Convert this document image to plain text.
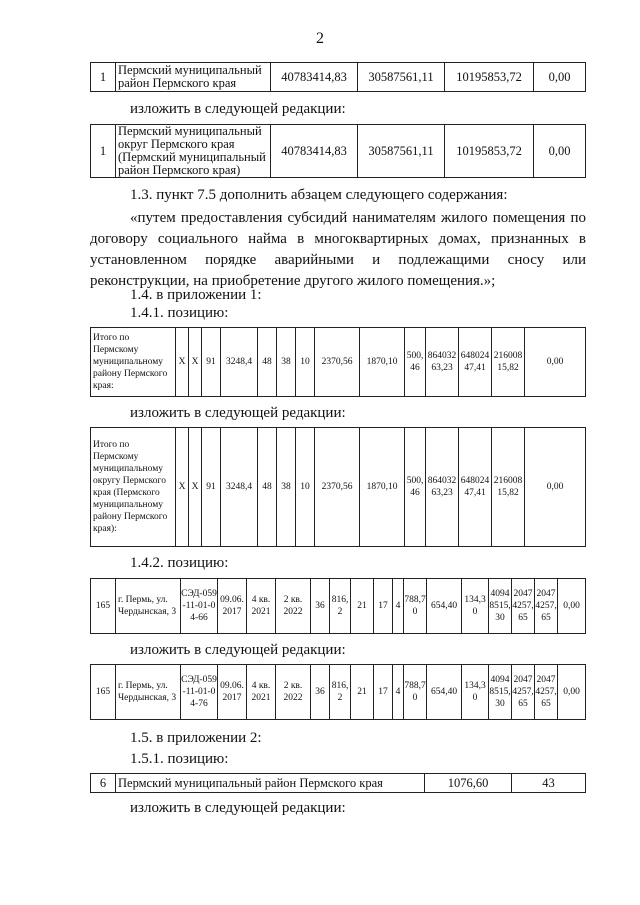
2
1	Пермский муниципальный район Пермского края	40783414,83	30587561,11	10195853,72	0,00
изложить в следующей редакции:
1	Пермский муниципальный округ Пермского края (Пермский муниципальный район Пермского края)	40783414,83	30587561,11	10195853,72	0,00
1.3. пункт 7.5 дополнить абзацем следующего содержания:
«путем предоставления субсидий нанимателям жилого помещения по договору социального найма в многоквартирных домах, признанных в установленном порядке аварийными и подлежащими сносу или реконструкции, на приобретение другого жилого помещения.»;
1.4. в приложении 1:
1.4.1. позицию:
Итого по Пермскому муниципальному району Пермского края:	X	X	91	3248,4	48	38	10	2370,56	1870,10	500,46	86403263,23	64802447,41	21600815,82	0,00
изложить в следующей редакции:
Итого по Пермскому муниципальному округу Пермского края (Пермского муниципальному району Пермского края):	X	X	91	3248,4	48	38	10	2370,56	1870,10	500,46	86403263,23	64802447,41	21600815,82	0,00
1.4.2. позицию:
165	г. Пермь, ул. Чердынская, 3	СЭД-059-11-01-04-66	09.06.2017	4 кв. 2021	2 кв. 2022	36	816,2	21	17	4	788,70	654,40	134,30	40948515,30	20474257,65	20474257,65	0,00
изложить в следующей редакции:
165	г. Пермь, ул. Чердынская, 3	СЭД-059-11-01-04-76	09.06.2017	4 кв. 2021	2 кв. 2022	36	816,2	21	17	4	788,70	654,40	134,30	40948515,30	20474257,65	20474257,65	0,00
1.5. в приложении 2:
1.5.1. позицию:
6	Пермский муниципальный район Пермского края	1076,60	43
изложить в следующей редакции:
